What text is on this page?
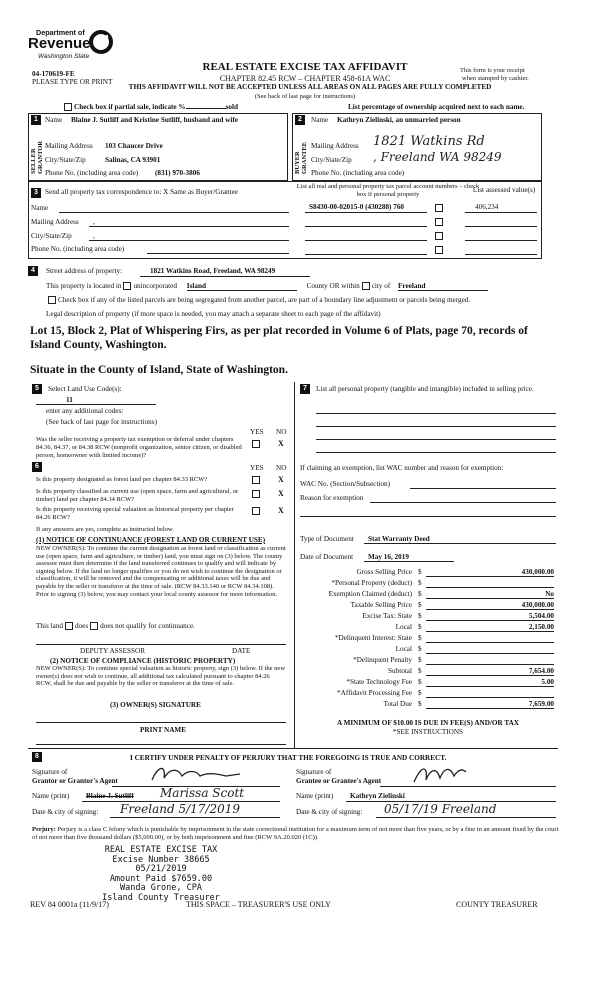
Department of
Revenue
Washington State
04-170619-FE
PLEASE TYPE OR PRINT
REAL ESTATE EXCISE TAX AFFIDAVIT
CHAPTER 82.45 RCW – CHAPTER 458-61A WAC
THIS AFFIDAVIT WILL NOT BE ACCEPTED UNLESS ALL AREAS ON ALL PAGES ARE FULLY COMPLETED
(See back of last page for instructions)
This form is your receipt
when stamped by cashier.
Check box if partial sale, indicate %	sold	List percentage of ownership acquired next to each name.
1
SELLER GRANTOR
Name Blaine J. Sutliff and Kristine Sutliff, husband and wife
Mailing Address 103 Chaucer Drive
City/State/Zip	Salinas, CA 93901
Phone No. (including area code) (831) 970-3806
2
BUYER GRANTEE
Name Kathryn Zielinski, an unmarried person
Mailing Address 1821 Watkins Rd
City/State/Zip , Freeland WA 98249
Phone No. (including area code)
3 Send all property tax correspondence to: X Same as Buyer/Grantee
Name
Mailing Address ,
City/State/Zip	,
Phone No. (including area code)
List all real and personal property tax parcel account numbers – check box if personal property
List assessed value(s)
S8430-00-02015-0 (430288) 760	406,234
4	Street address of property:	1821 Watkins Road, Freeland, WA 98249
This property is located in unincorporated Island	County OR within city of Freeland
Check box if any of the listed parcels are being segregated from another parcel, are part of a boundary line adjustment or parcels being merged.
Legal description of property (if more space is needed, you may attach a separate sheet to each page of the affidavit)
Lot 15, Block 2, Plat of Whispering Firs, as per plat recorded in Volume 6 of Plats, page 70, records of Island County, Washington.
Situate in the County of Island, State of Washington.
5	Select Land Use Code(s):
11
enter any additional codes:
(See back of last page for instructions)
YES NO
Was the seller receiving a property tax exemption or deferral under chapters 84.36, 84.37, or 84.38 RCW (nonprofit organization, senior citizen, or disabled person, homeowner with limited income)?
X
6	YES NO
Is this property designated as forest land per chapter 84.33 RCW?	X
Is this property classified as current use (open space, farm and agricultural, or timber) land per chapter 84.34 RCW?
X
Is this property receiving special valuation as historical property per chapter 84.26 RCW?
X
If any answers are yes, complete as instructed below.
(1) NOTICE OF CONTINUANCE (FOREST LAND OR CURRENT USE)
NEW OWNER(S): To continue the current designation as forest land or classification as current use (open space, farm and agriculture, or timber) land, you must sign on (3) below. The county assessor must then determine if the land transferred continues to qualify and will indicate by signing below. If the land no longer qualifies or you do not wish to continue the designation or classification, it will be removed and the compensating or additional taxes will be due and payable by the seller or transferor at the time of sale. (RCW 84.33.140 or RCW 84.34.108). Prior to signing (3) below, you may contact your local county assessor for more information.
This land does does not qualify for continuance.
DEPUTY ASSESSOR	DATE
(2) NOTICE OF COMPLIANCE (HISTORIC PROPERTY)
NEW OWNER(S): To continue special valuation as historic property, sign (3) below. If the new owner(s) does not wish to continue, all additional tax calculated pursuant to chapter 84.26 RCW, shall be due and payable by the seller or transferor at the time of sale.
(3) OWNER(S) SIGNATURE
PRINT NAME
7	List all personal property (tangible and intangible) included in selling price.
If claiming an exemption, list WAC number and reason for exemption:
WAC No. (Section/Subsection)
Reason for exemption
Type of Document Stat Warranty Deed
Date of Document May 16, 2019
Gross Selling Price $	430,000.00
*Personal Property (deduct) $
Exemption Claimed (deduct) $	No
Taxable Selling Price $	430,000.00
Excise Tax: State $	5,504.00
Local $	2,150.00
*Delinquent Interest: State $
Local $
*Delinquent Penalty $
Subtotal $	7,654.00
*State Technology Fee $	5.00
*Affidavit Processing Fee $
Total Due $	7,659.00
A MINIMUM OF $10.00 IS DUE IN FEE(S) AND/OR TAX
*SEE INSTRUCTIONS
8	I CERTIFY UNDER PENALTY OF PERJURY THAT THE FOREGOING IS TRUE AND CORRECT.
Signature of
Grantor or Grantor's Agent
Name (print) Blaine J. Sutliff Marissa Scott
Date & city of signing: Freeland 5/17/2019
Signature of
Grantee or Grantee's Agent
Name (print) Kathryn Zielinski
Date & city of signing: 05/17/19 Freeland
Perjury: Perjury is a class C felony which is punishable by imprisonment in the state correctional institution for a maximum term of not more than five years, or by a fine in an amount fixed by the court of not more than five thousand dollars ($5,000.00), or by both imprisonment and fine (RCW 9A.20.020 (1C)).
REAL ESTATE EXCISE TAX
Excise Number 38665
05/21/2019
Amount Paid $7659.00
Wanda Grone, CPA
Island County Treasurer
REV 84 0001a (11/9/17)	THIS SPACE – TREASURER'S USE ONLY	COUNTY TREASURER
